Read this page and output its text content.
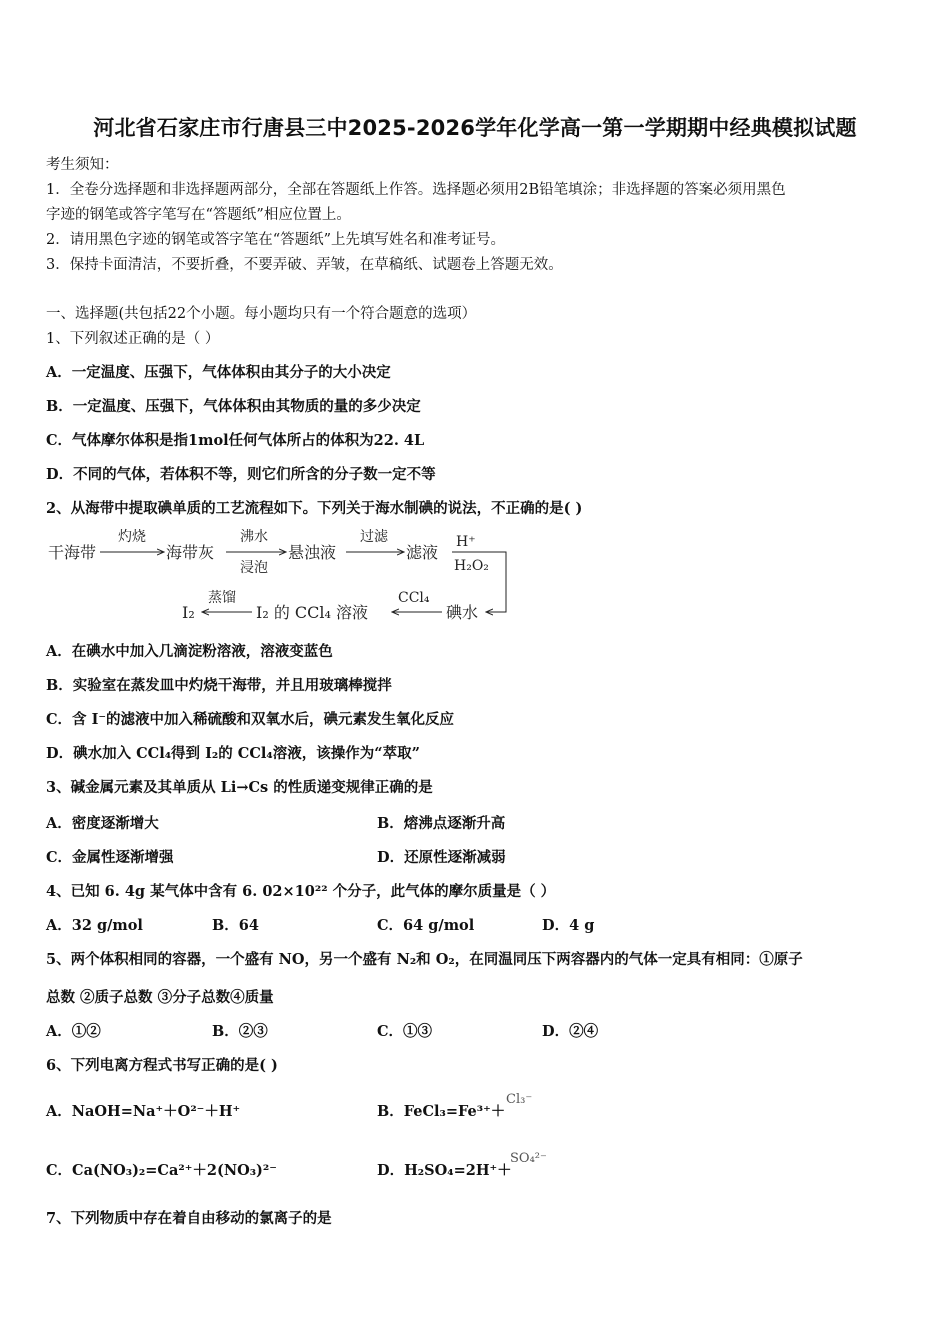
河北省石家庄市行唐县三中2025-2026学年化学高一第一学期期中经典模拟试题
考生须知：
1．全卷分选择题和非选择题两部分，全部在答题纸上作答。选择题必须用2B铅笔填涂；非选择题的答案必须用黑色
字迹的钢笔或答字笔写在“答题纸”相应位置上。
2．请用黑色字迹的钢笔或答字笔在“答题纸”上先填写姓名和准考证号。
3．保持卡面清洁，不要折叠，不要弄破、弄皱，在草稿纸、试题卷上答题无效。
一、选择题(共包括22个小题。每小题均只有一个符合题意的选项）
1、下列叙述正确的是（ ）
A．一定温度、压强下，气体体积由其分子的大小决定
B．一定温度、压强下，气体体积由其物质的量的多少决定
C．气体摩尔体积是指1mol任何气体所占的体积为22. 4L
D．不同的气体，若体积不等，则它们所含的分子数一定不等
2、从海带中提取碘单质的工艺流程如下。下列关于海水制碘的说法，不正确的是( )
干海带
灼烧
海带灰
沸水
浸泡
悬浊液
过滤
滤液
H⁺
H₂O₂
碘水
CCl₄
I₂ 的 CCl₄ 溶液
蒸馏
I₂
A．在碘水中加入几滴淀粉溶液，溶液变蓝色
B．实验室在蒸发皿中灼烧干海带，并且用玻璃棒搅拌
C．含 I⁻的滤液中加入稀硫酸和双氧水后，碘元素发生氧化反应
D．碘水加入 CCl₄得到 I₂的 CCl₄溶液，该操作为“萃取”
3、碱金属元素及其单质从 Li→Cs 的性质递变规律正确的是
A．密度逐渐增大	B．熔沸点逐渐升高
C．金属性逐渐增强	D．还原性逐渐减弱
4、已知 6. 4g 某气体中含有 6. 02×10²² 个分子，此气体的摩尔质量是（ ）
A．32 g/mol	B．64	C．64 g/mol	D．4 g
5、两个体积相同的容器，一个盛有 NO，另一个盛有 N₂和 O₂，在同温同压下两容器内的气体一定具有相同：①原子
总数 ②质子总数 ③分子总数④质量
A．①②	B．②③	C．①③	D．②④
6、下列电离方程式书写正确的是( )
A．NaOH=Na⁺＋O²⁻＋H⁺	B．FeCl₃=Fe³⁺＋
Cl₃⁻
C．Ca(NO₃)₂=Ca²⁺＋2(NO₃)²⁻	D．H₂SO₄=2H⁺＋
SO₄²⁻
7、下列物质中存在着自由移动的氯离子的是
